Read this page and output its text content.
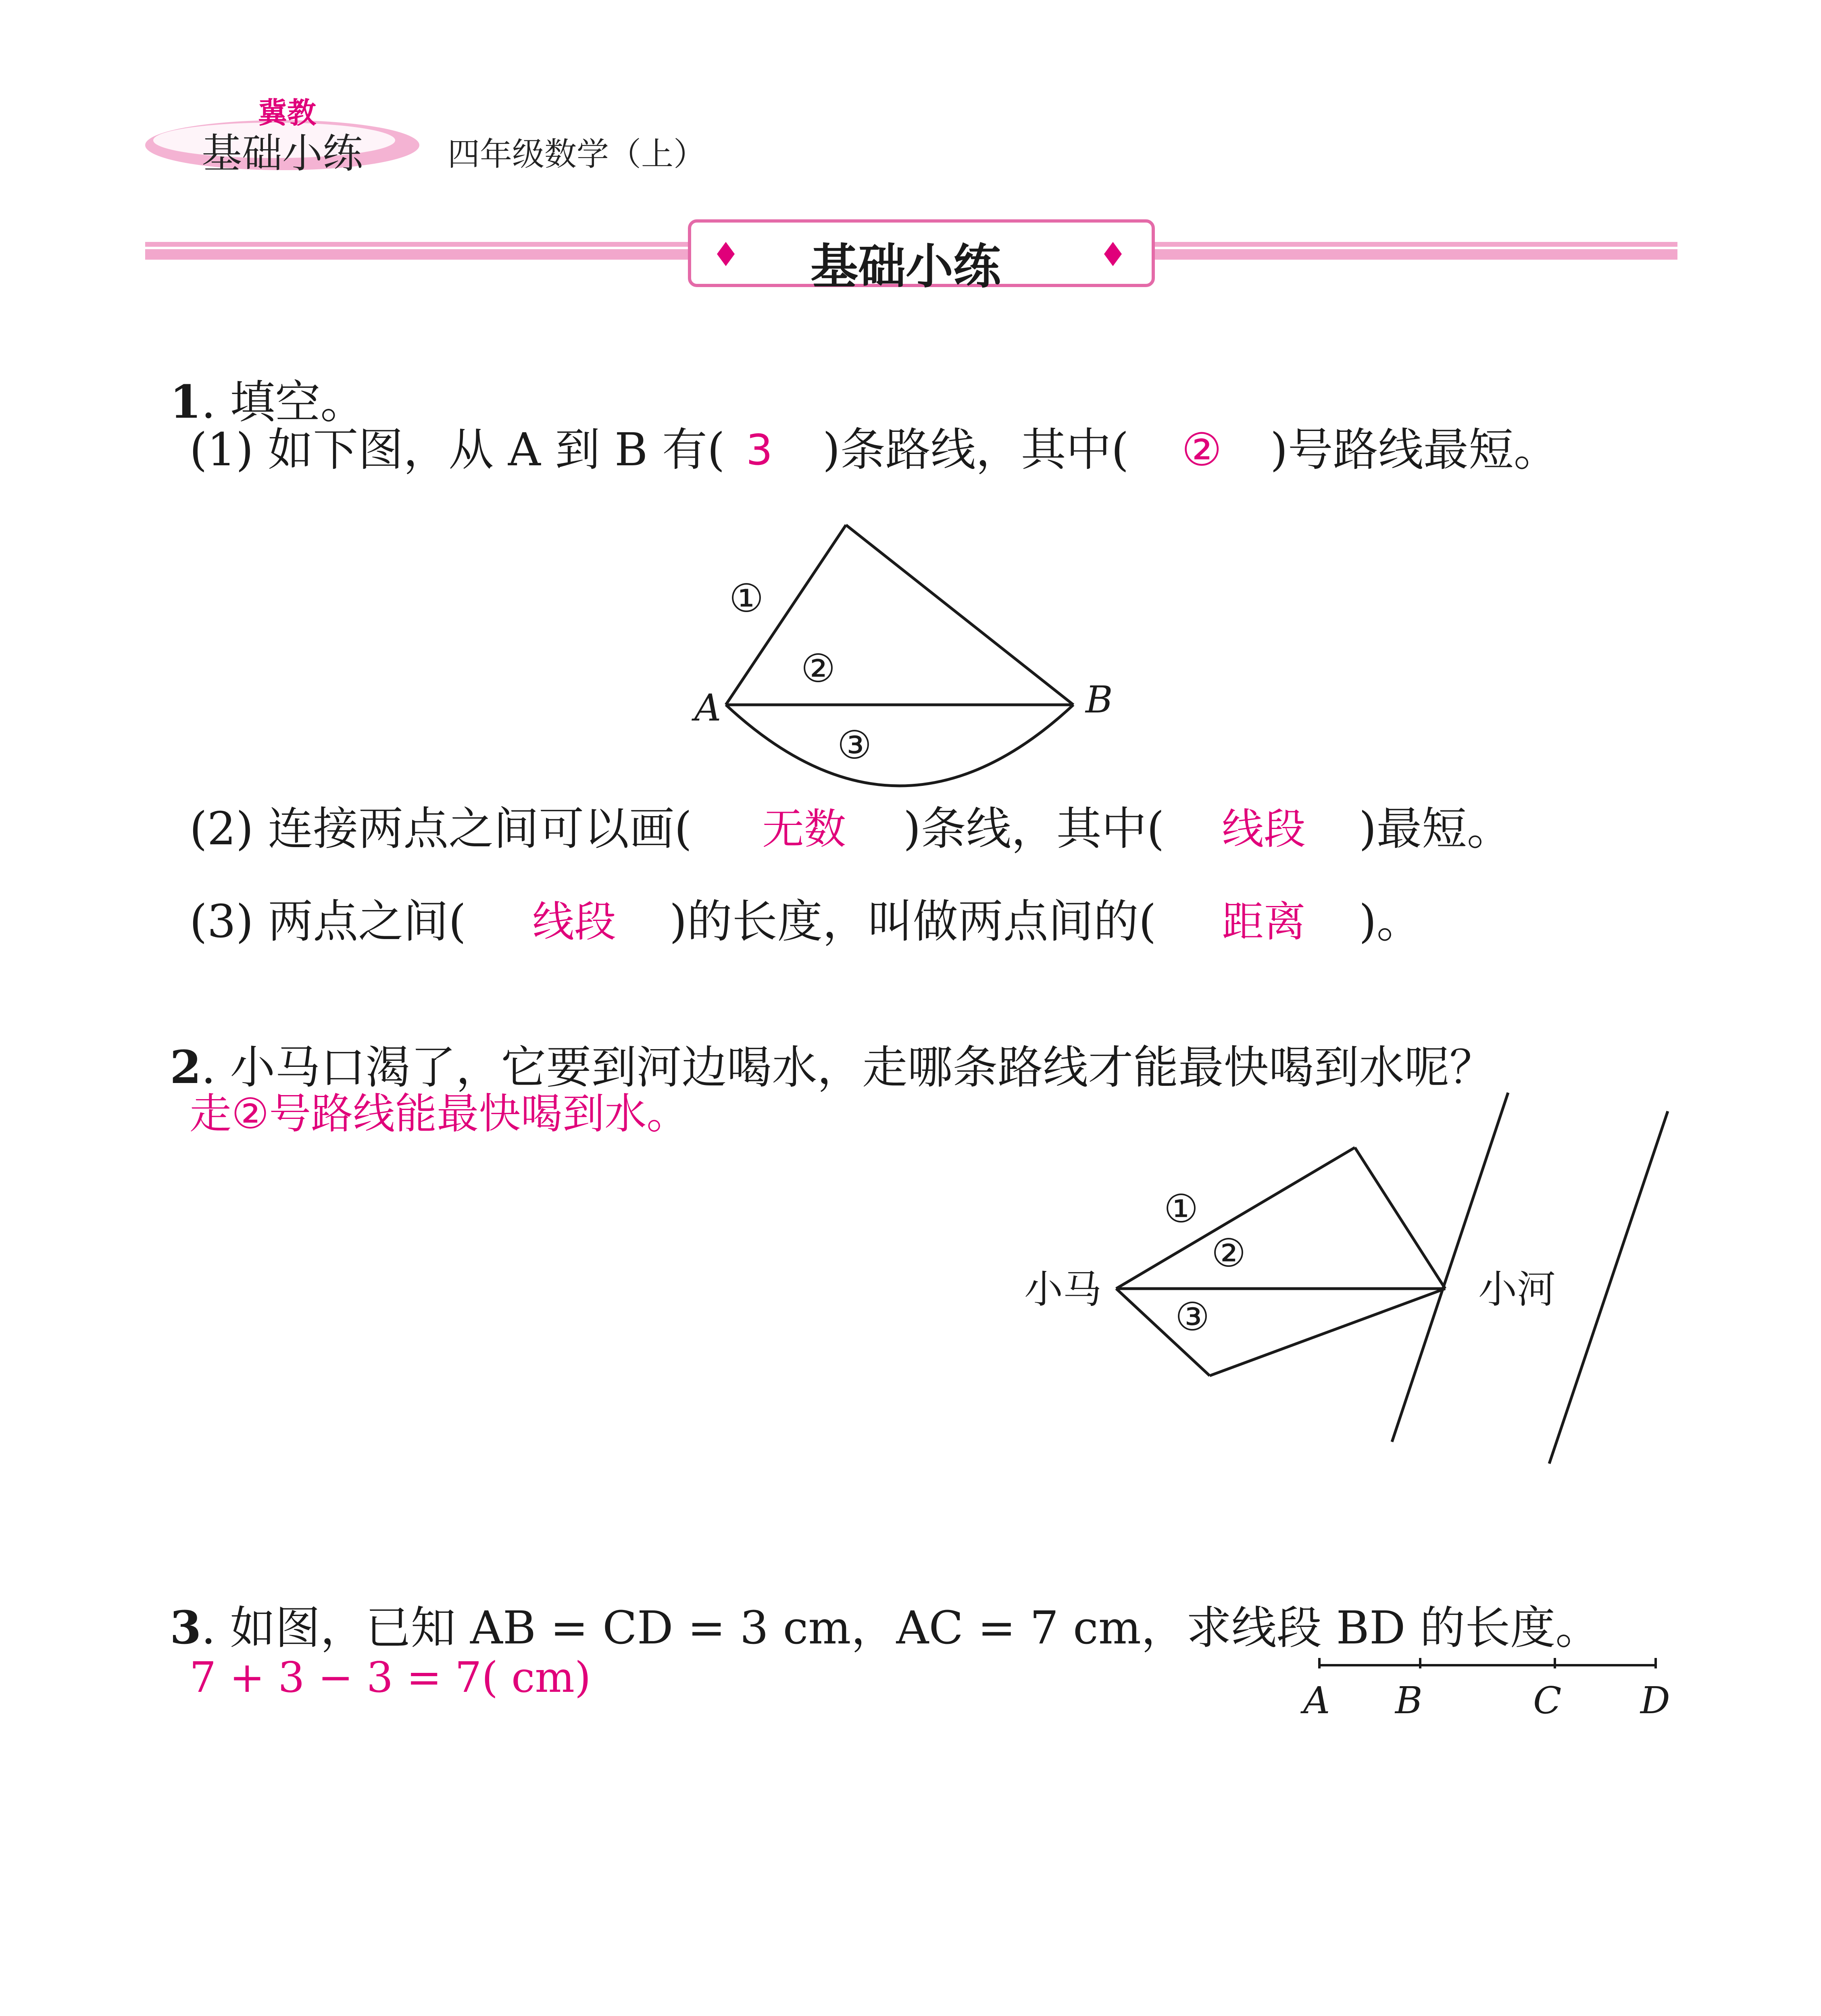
冀教
基础小练	四年级数学（上）
基础小练

1. 填空。

(1) 如下图，从 A 到 B 有( 3 )条路线，其中( ② )号路线最短。
A	B
①
②
③
(2) 连接两点之间可以画( 无数 )条线，其中( 线段 )最短。
(3) 两点之间( 线段 )的长度，叫做两点间的( 距离 )。

2. 小马口渴了，它要到河边喝水，走哪条路线才能最快喝到水呢？

走②号路线能最快喝到水。
小马	小河
①
②
③

3. 如图，已知 AB = CD = 3 cm，AC = 7 cm，求线段 BD 的长度。

7 + 3 − 3 = 7( cm)	A B	C D
